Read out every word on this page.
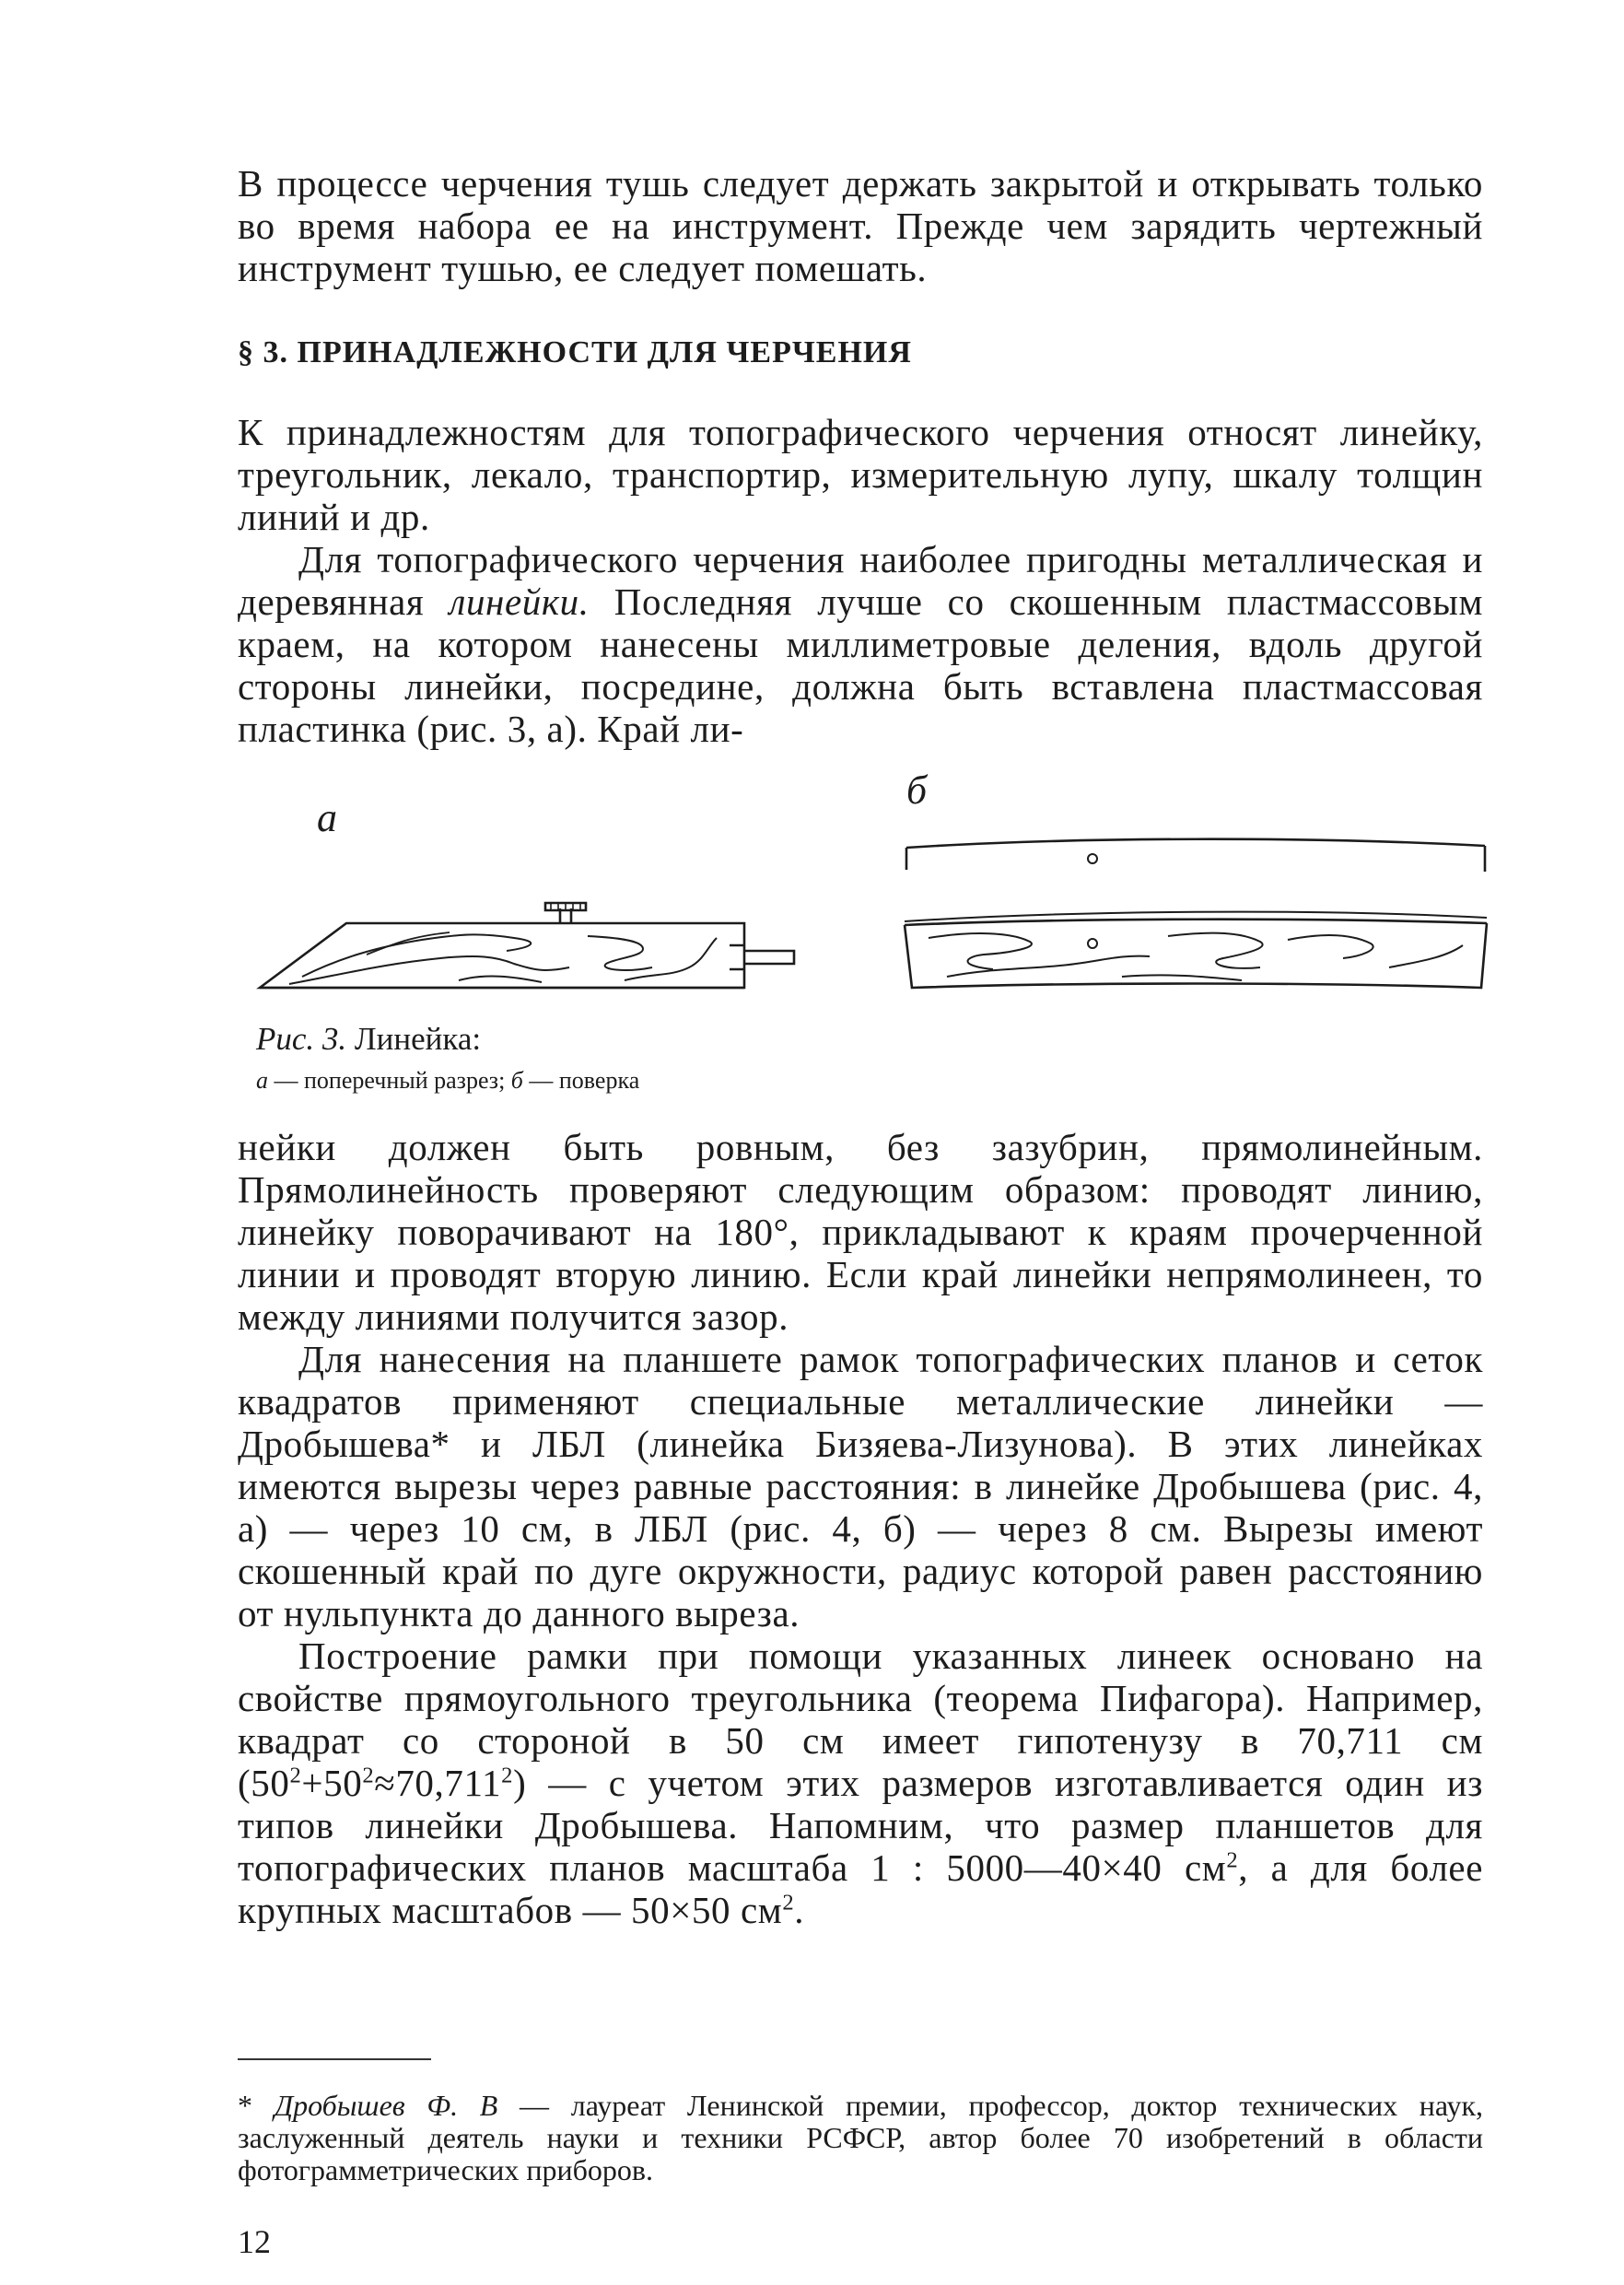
В процессе черчения тушь следует держать закрытой и открывать только во время набора ее на инструмент. Прежде чем зарядить чертежный инструмент тушью, ее следует помешать.

§ 3. ПРИНАДЛЕЖНОСТИ ДЛЯ ЧЕРЧЕНИЯ

К принадлежностям для топографического черчения относят линейку, треугольник, лекало, транспортир, измерительную лупу, шкалу толщин линий и др.

Для топографического черчения наиболее пригодны металлическая и деревянная линейки. Последняя лучше со скошенным пластмассовым краем, на котором нанесены миллиметровые деления, вдоль другой стороны линейки, посредине, должна быть вставлена пластмассовая пластинка (рис. 3, а). Край ли-

а
б
Рис. 3. Линейка:
а — поперечный разрез; б — поверка

нейки должен быть ровным, без зазубрин, прямолинейным. Прямолинейность проверяют следующим образом: проводят линию, линейку поворачивают на 180°, прикладывают к краям прочерченной линии и проводят вторую линию. Если край линейки непрямолинеен, то между линиями получится зазор.

Для нанесения на планшете рамок топографических планов и сеток квадратов применяют специальные металлические линейки — Дробышева* и ЛБЛ (линейка Бизяева-Лизунова). В этих линейках имеются вырезы через равные расстояния: в линейке Дробышева (рис. 4, а) — через 10 см, в ЛБЛ (рис. 4, б) — через 8 см. Вырезы имеют скошенный край по дуге окружности, радиус которой равен расстоянию от нульпункта до данного выреза.

Построение рамки при помощи указанных линеек основано на свойстве прямоугольного треугольника (теорема Пифагора). Например, квадрат со стороной в 50 см имеет гипотенузу в 70,711 см $(50^2+50^2\approx 70,711^2)$ — с учетом этих размеров изготавливается один из типов линейки Дробышева. Напомним, что размер планшетов для топографических планов масштаба 1 : 5000—40×40 $см^2$, а для более крупных масштабов — 50×50 $см^2$.

* Дробышев Ф. В — лауреат Ленинской премии, профессор, доктор технических наук, заслуженный деятель науки и техники РСФСР, автор более 70 изобретений в области фотограмметрических приборов.

12
